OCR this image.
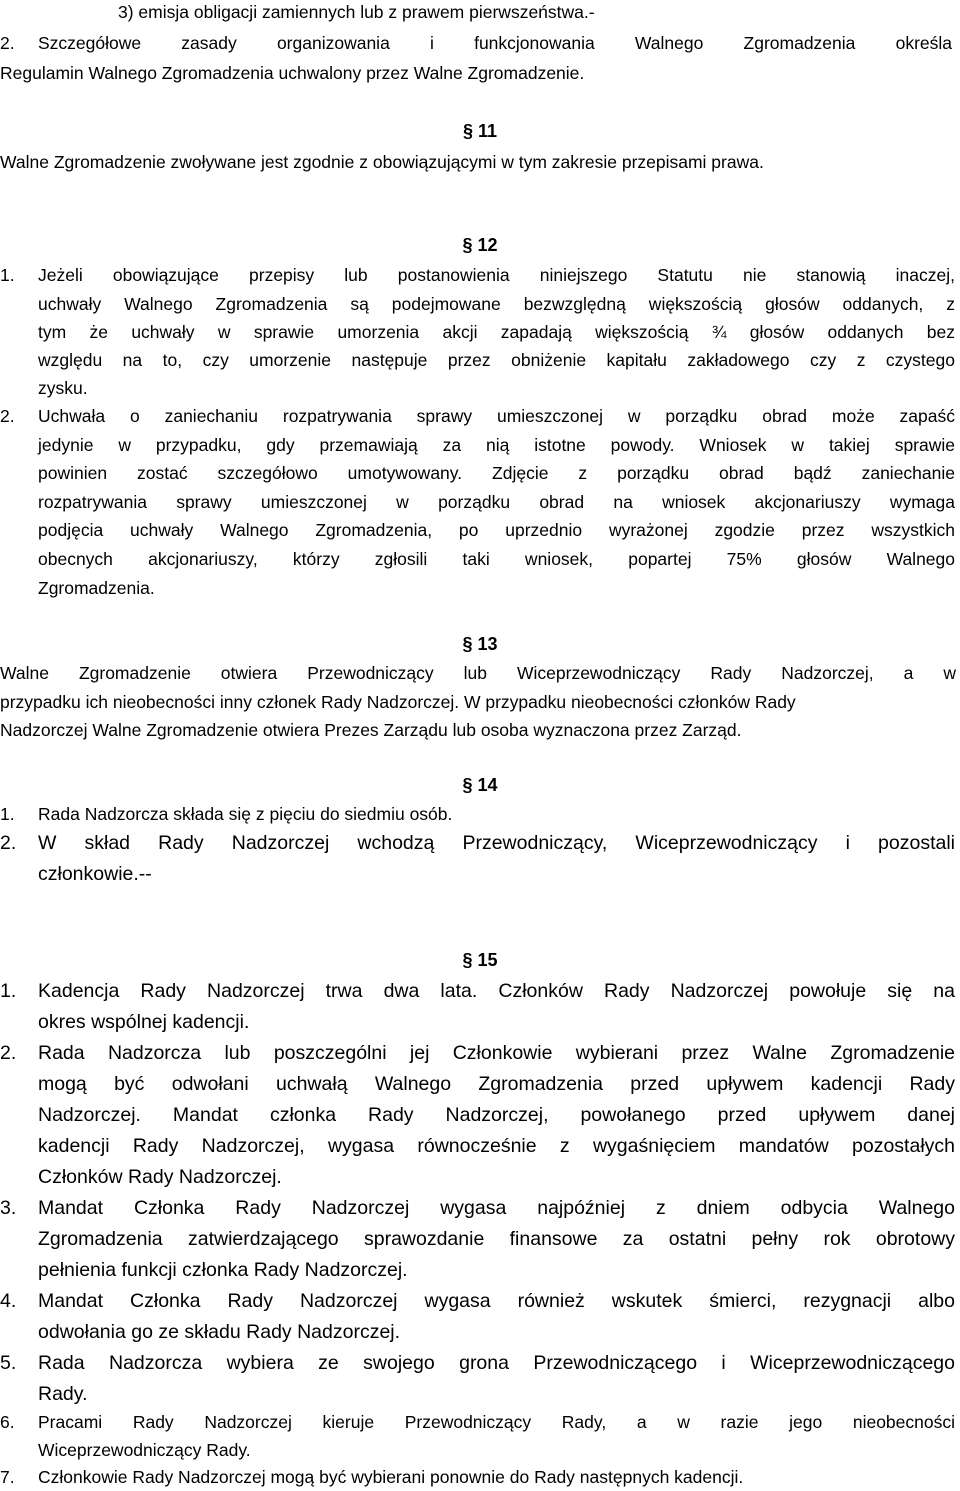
3) emisja obligacji zamiennych lub z prawem pierwszeństwa.-
2.	Szczegółowe zasady organizowania i funkcjonowania Walnego Zgromadzenia określa
Regulamin Walnego Zgromadzenia uchwalony przez Walne Zgromadzenie.
§ 11
Walne Zgromadzenie zwoływane jest zgodnie z obowiązującymi w tym zakresie przepisami prawa.
§ 12
1.	Jeżeli obowiązujące przepisy lub postanowienia niniejszego Statutu nie stanowią inaczej,
uchwały Walnego Zgromadzenia są podejmowane bezwzględną większością głosów oddanych, z
tym że uchwały w sprawie umorzenia akcji zapadają większością ¾ głosów oddanych bez
względu na to, czy umorzenie następuje przez obniżenie kapitału zakładowego czy z czystego
zysku.
2.	Uchwała o zaniechaniu rozpatrywania sprawy umieszczonej w porządku obrad może zapaść
jedynie w przypadku, gdy przemawiają za nią istotne powody. Wniosek w takiej sprawie
powinien zostać szczegółowo umotywowany. Zdjęcie z porządku obrad bądź zaniechanie
rozpatrywania sprawy umieszczonej w porządku obrad na wniosek akcjonariuszy wymaga
podjęcia uchwały Walnego Zgromadzenia, po uprzednio wyrażonej zgodzie przez wszystkich
obecnych akcjonariuszy, którzy zgłosili taki wniosek, popartej 75% głosów Walnego
Zgromadzenia.
§ 13
Walne Zgromadzenie otwiera Przewodniczący lub Wiceprzewodniczący Rady Nadzorczej, a w
przypadku ich nieobecności inny członek Rady Nadzorczej. W przypadku nieobecności członków Rady
Nadzorczej Walne Zgromadzenie otwiera Prezes Zarządu lub osoba wyznaczona przez Zarząd.
§ 14
1.	Rada Nadzorcza składa się z pięciu do siedmiu osób.
2.	W skład Rady Nadzorczej wchodzą Przewodniczący, Wiceprzewodniczący i pozostali
członkowie.--
§ 15
1.	Kadencja Rady Nadzorczej trwa dwa lata. Członków Rady Nadzorczej powołuje się na
okres wspólnej kadencji.
2.	Rada Nadzorcza lub poszczególni jej Członkowie wybierani przez Walne Zgromadzenie
mogą być odwołani uchwałą Walnego Zgromadzenia przed upływem kadencji Rady
Nadzorczej. Mandat członka Rady Nadzorczej, powołanego przed upływem danej
kadencji Rady Nadzorczej, wygasa równocześnie z wygaśnięciem mandatów pozostałych
Członków Rady Nadzorczej.
3.	Mandat Członka Rady Nadzorczej wygasa najpóźniej z dniem odbycia Walnego
Zgromadzenia zatwierdzającego sprawozdanie finansowe za ostatni pełny rok obrotowy
pełnienia funkcji członka Rady Nadzorczej.
4.	Mandat Członka Rady Nadzorczej wygasa również wskutek śmierci, rezygnacji albo
odwołania go ze składu Rady Nadzorczej.
5.	Rada Nadzorcza wybiera ze swojego grona Przewodniczącego i Wiceprzewodniczącego
Rady.
6.	Pracami Rady Nadzorczej kieruje Przewodniczący Rady, a w razie jego nieobecności
Wiceprzewodniczący Rady.
7.	Członkowie Rady Nadzorczej mogą być wybierani ponownie do Rady następnych kadencji.
